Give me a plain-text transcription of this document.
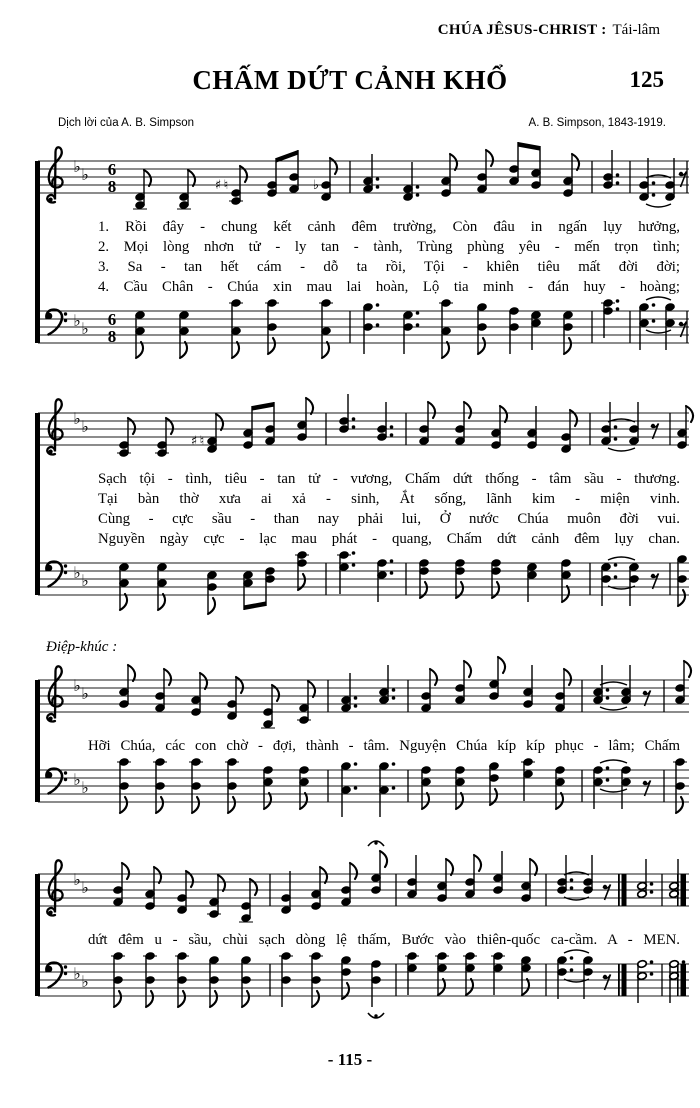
CHÚA JÊSUS-CHRIST : Tái-lâm
CHẤM DỨT CẢNH KHỔ	125
Dịch lời của A. B. Simpson	A. B. Simpson, 1843-1919.
♭ ♭ 6
8	♯ ♮	♭
1. Rồi đây - chung kết cảnh đêm trường, Còn đâu in ngấn lụy hưởng,
2. Mọi lòng nhơn tử - ly tan - tành, Trùng phùng yêu - mến trọn tình;
3. Sa - tan hết cám - dỗ ta rồi, Tội - khiên tiêu mất đời đời;
4. Cầu Chân - Chúa xin mau lai hoàn, Lộ tia minh - đán huy - hoàng;
♭ ♭ 6
8
♭ ♭
♯ ♮
Sạch tội - tình, tiêu - tan tử - vương, Chấm dứt thống - tâm sầu - thương.
Tại bàn thờ xưa ai xả - sinh, Ắt sống, lãnh kim - miện vinh.
Cùng - cực sầu - than nay phải lui, Ở nước Chúa muôn đời vui.
Nguyền ngày cực - lạc mau phát - quang, Chấm dứt cảnh đêm lụy chan.
♭ ♭
Điệp-khúc :
♭ ♭
Hỡi Chúa, các con chờ - đợi, thành - tâm. Nguyện Chúa kíp kíp phục - lâm; Chấm
♭ ♭
♭ ♭
dứt đêm u - sầu, chùi sạch dòng lệ thấm, Bước vào thiên-quốc ca-cầm. A - MEN.
♭ ♭
- 115 -
